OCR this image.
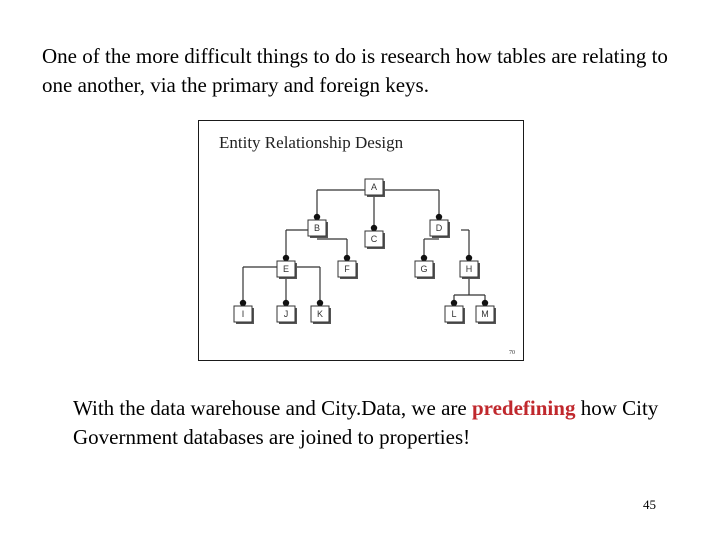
One of the more difficult things to do is research how tables are relating to one another, via the primary and foreign keys.
Entity Relationship Design
A
B
C
D
E	F	G	H
I	J	K	L	M
70
With the data warehouse and City.Data, we are predefining how City Government databases are joined to properties!
45
